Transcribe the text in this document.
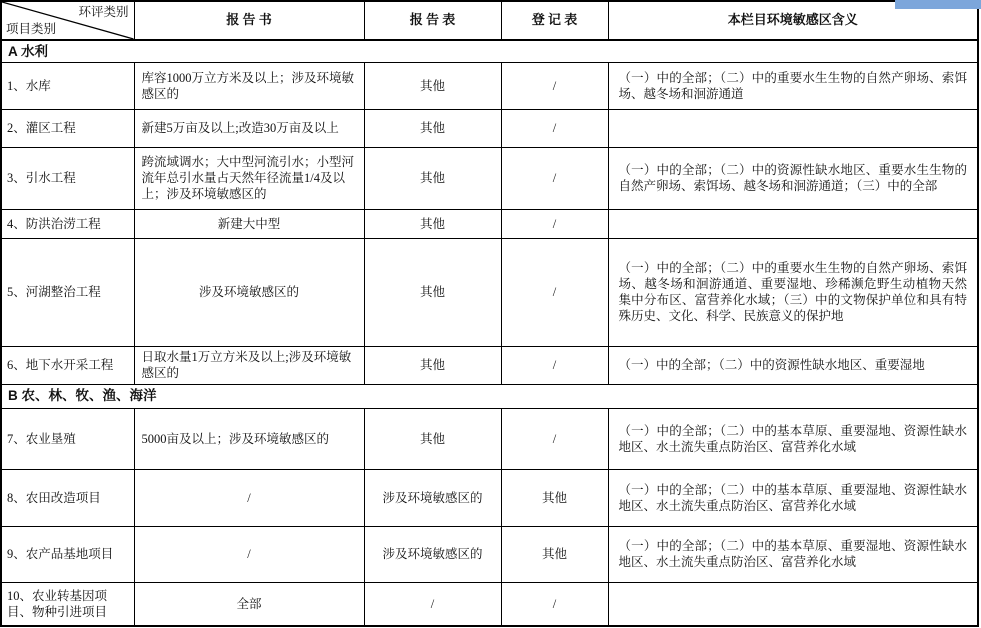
环评类别
项目类别	报 告 书	报 告 表	登 记 表	本栏目环境敏感区含义
A 水利				
1、水库	库容1000万立方米及以上；涉及环境敏感区的	其他	/	（一）中的全部；（二）中的重要水生生物的自然产卵场、索饵场、越冬场和洄游通道
2、灌区工程	新建5万亩及以上;改造30万亩及以上	其他	/	
3、引水工程	跨流域调水；大中型河流引水；小型河流年总引水量占天然年径流量1/4及以上；涉及环境敏感区的	其他	/	（一）中的全部；（二）中的资源性缺水地区、重要水生生物的自然产卵场、索饵场、越冬场和洄游通道；（三）中的全部
4、防洪治涝工程	新建大中型	其他	/	
5、河湖整治工程	涉及环境敏感区的	其他	/	（一）中的全部；（二）中的重要水生生物的自然产卵场、索饵场、越冬场和洄游通道、重要湿地、珍稀濒危野生动植物天然集中分布区、富营养化水域；（三）中的文物保护单位和具有特殊历史、文化、科学、民族意义的保护地
6、地下水开采工程	日取水量1万立方米及以上;涉及环境敏感区的	其他	/	（一）中的全部；（二）中的资源性缺水地区、重要湿地
B 农、林、牧、渔、海洋				
7、农业垦殖	5000亩及以上；涉及环境敏感区的	其他	/	（一）中的全部；（二）中的基本草原、重要湿地、资源性缺水地区、水土流失重点防治区、富营养化水域
8、农田改造项目	/	涉及环境敏感区的	其他	（一）中的全部；（二）中的基本草原、重要湿地、资源性缺水地区、水土流失重点防治区、富营养化水域
9、农产品基地项目	/	涉及环境敏感区的	其他	（一）中的全部；（二）中的基本草原、重要湿地、资源性缺水地区、水土流失重点防治区、富营养化水域
10、农业转基因项目、物种引进项目	全部	/	/	
